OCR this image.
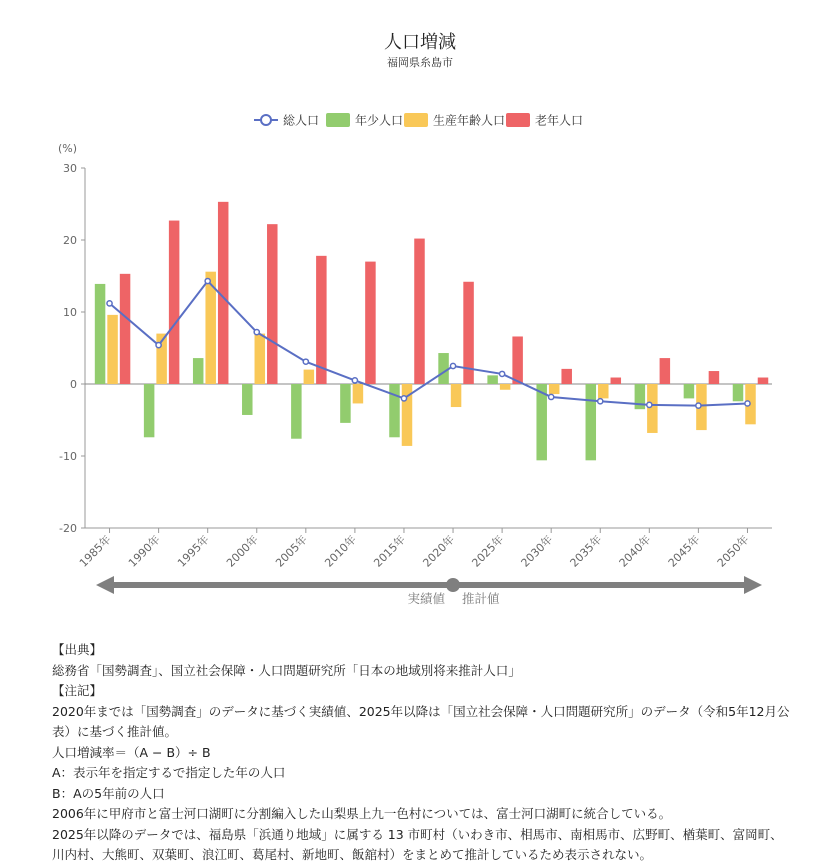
人口増減
福岡県糸島市
(%)
30
20
10
0
-10
-20
1985年 1990年 1995年 2000年 2005年 2010年 2015年 2020年 2025年 2030年 2035年 2040年 2045年 2050年
総人口	年少人口 生産年齢人口 老年人口
実績値 推計値
【出典】
総務省「国勢調査」、国立社会保障・人口問題研究所「日本の地域別将来推計人口」
【注記】
2020年までは「国勢調査」のデータに基づく実績値、2025年以降は「国立社会保障・人口問題研究所」のデータ（令和5年12月公表）に基づく推計値。
人口増減率＝（A − B）÷ B
A：表示年を指定するで指定した年の人口
B：Aの5年前の人口
2006年に甲府市と富士河口湖町に分割編入した山梨県上九一色村については、富士河口湖町に統合している。
2025年以降のデータでは、福島県「浜通り地域」に属する 13 市町村（いわき市、相馬市、南相馬市、広野町、楢葉町、富岡町、川内村、大熊町、双葉町、浪江町、葛尾村、新地町、飯舘村）をまとめて推計しているため表示されない。
